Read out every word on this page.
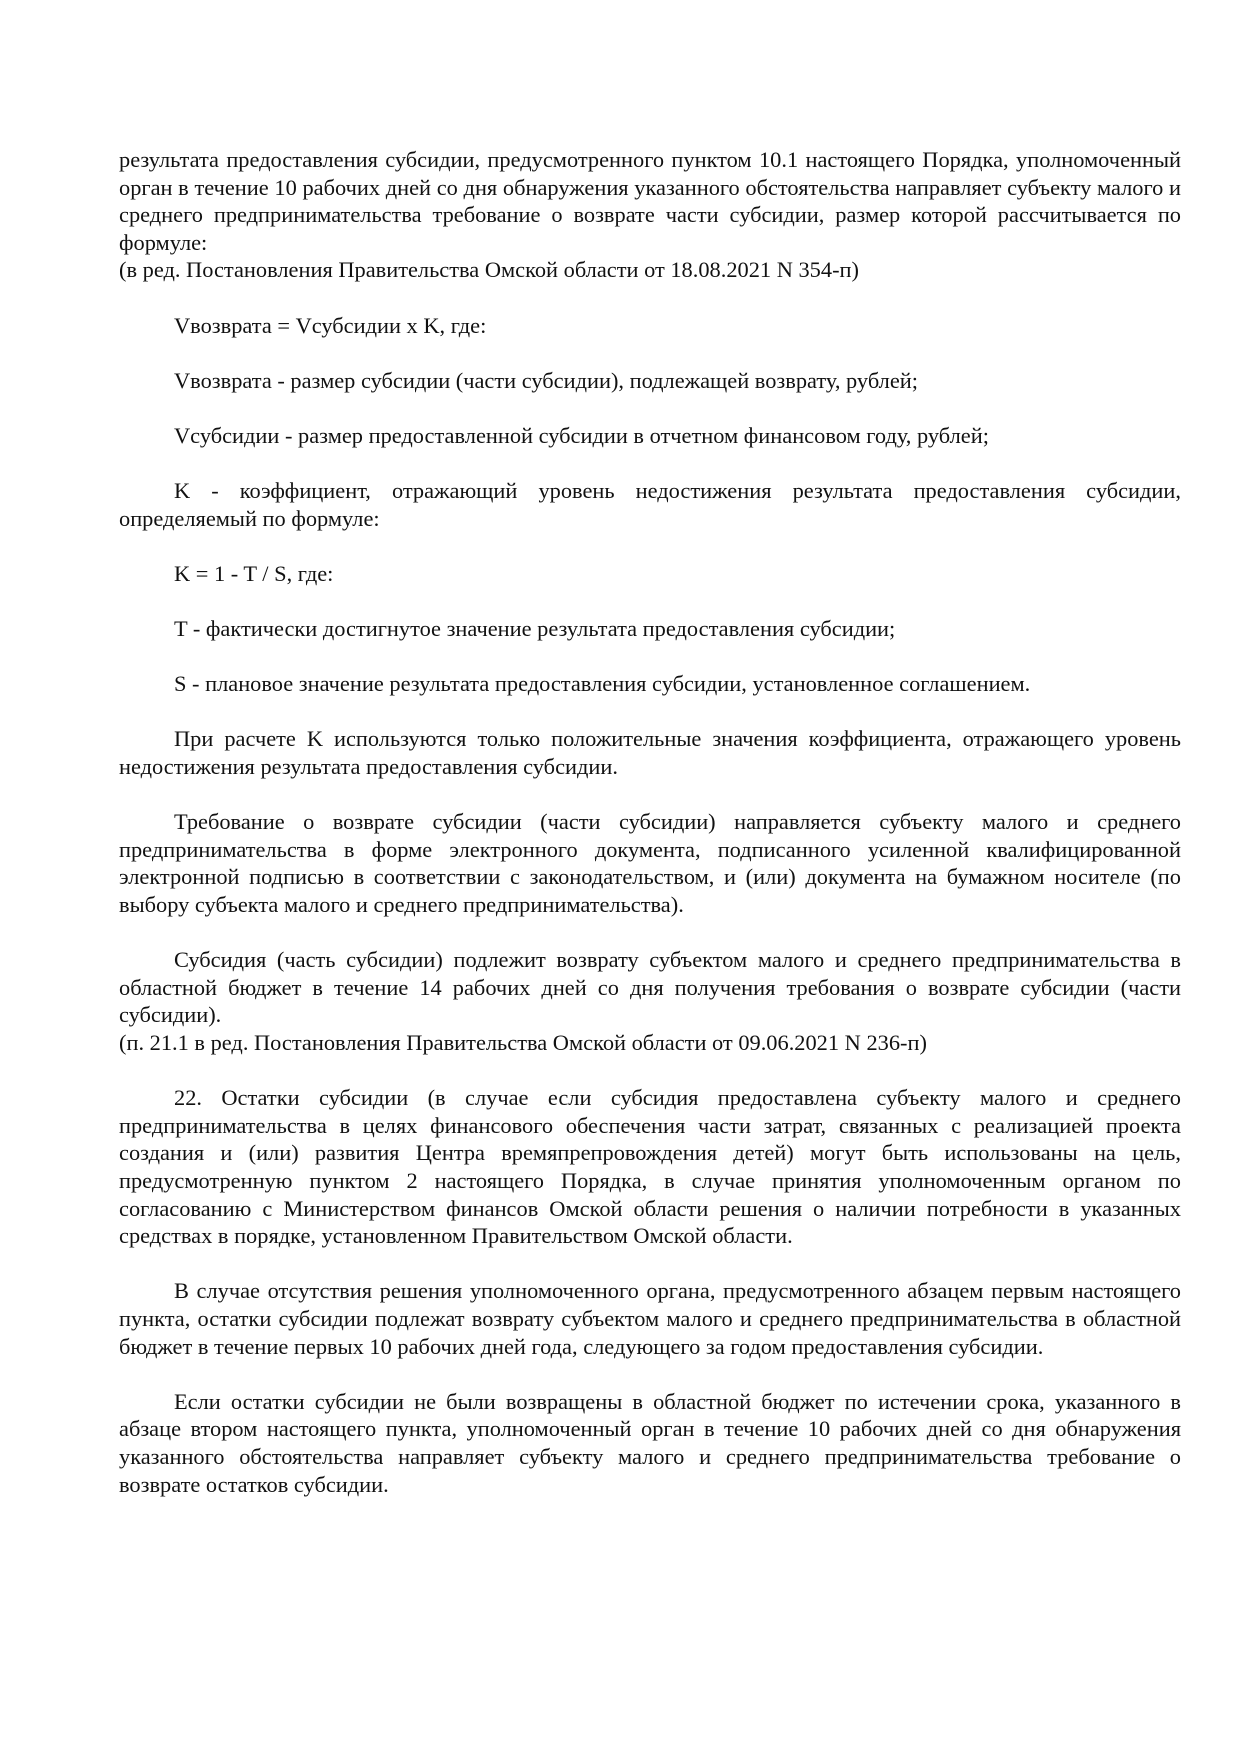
результата предоставления субсидии, предусмотренного пунктом 10.1 настоящего Порядка, уполномоченный орган в течение 10 рабочих дней со дня обнаружения указанного обстоятельства направляет субъекту малого и среднего предпринимательства требование о возврате части субсидии, размер которой рассчитывается по формуле:

(в ред. Постановления Правительства Омской области от 18.08.2021 N 354-п)

Vвозврата = Vсубсидии x K, где:

Vвозврата - размер субсидии (части субсидии), подлежащей возврату, рублей;

Vсубсидии - размер предоставленной субсидии в отчетном финансовом году, рублей;

K - коэффициент, отражающий уровень недостижения результата предоставления субсидии, определяемый по формуле:

K = 1 - T / S, где:

T - фактически достигнутое значение результата предоставления субсидии;

S - плановое значение результата предоставления субсидии, установленное соглашением.

При расчете K используются только положительные значения коэффициента, отражающего уровень недостижения результата предоставления субсидии.

Требование о возврате субсидии (части субсидии) направляется субъекту малого и среднего предпринимательства в форме электронного документа, подписанного усиленной квалифицированной электронной подписью в соответствии с законодательством, и (или) документа на бумажном носителе (по выбору субъекта малого и среднего предпринимательства).

Субсидия (часть субсидии) подлежит возврату субъектом малого и среднего предпринимательства в областной бюджет в течение 14 рабочих дней со дня получения требования о возврате субсидии (части субсидии).

(п. 21.1 в ред. Постановления Правительства Омской области от 09.06.2021 N 236-п)

22. Остатки субсидии (в случае если субсидия предоставлена субъекту малого и среднего предпринимательства в целях финансового обеспечения части затрат, связанных с реализацией проекта создания и (или) развития Центра времяпрепровождения детей) могут быть использованы на цель, предусмотренную пунктом 2 настоящего Порядка, в случае принятия уполномоченным органом по согласованию с Министерством финансов Омской области решения о наличии потребности в указанных средствах в порядке, установленном Правительством Омской области.

В случае отсутствия решения уполномоченного органа, предусмотренного абзацем первым настоящего пункта, остатки субсидии подлежат возврату субъектом малого и среднего предпринимательства в областной бюджет в течение первых 10 рабочих дней года, следующего за годом предоставления субсидии.

Если остатки субсидии не были возвращены в областной бюджет по истечении срока, указанного в абзаце втором настоящего пункта, уполномоченный орган в течение 10 рабочих дней со дня обнаружения указанного обстоятельства направляет субъекту малого и среднего предпринимательства требование о возврате остатков субсидии.
